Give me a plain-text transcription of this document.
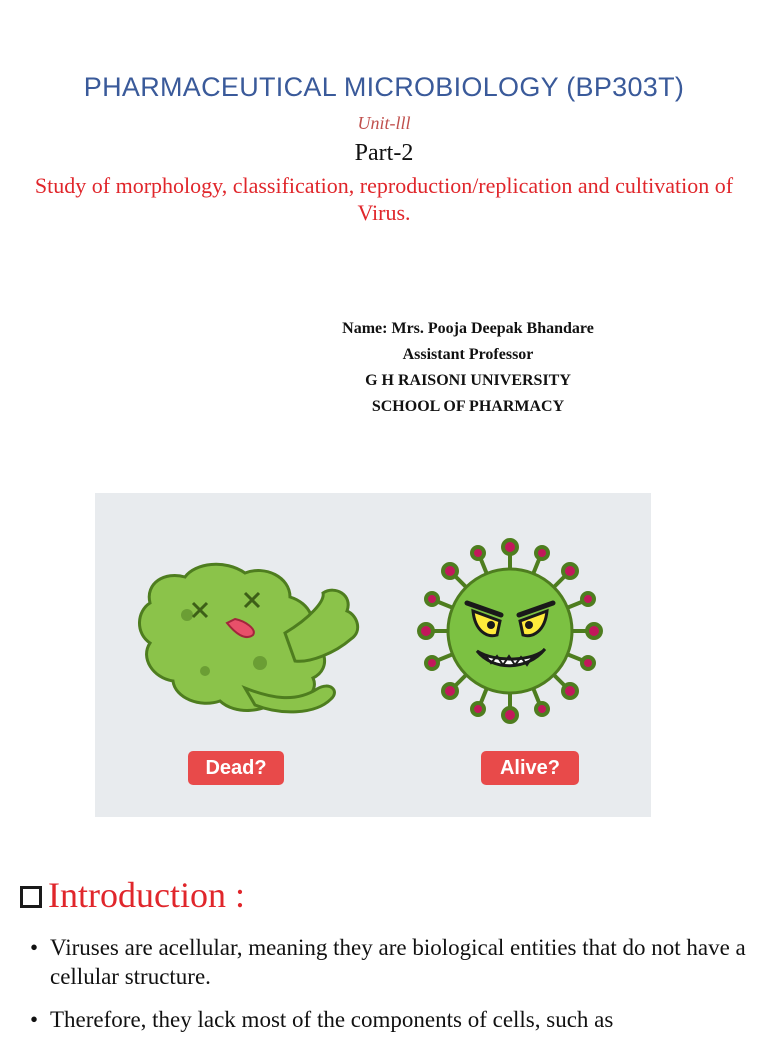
PHARMACEUTICAL MICROBIOLOGY (BP303T)
Unit-lll
Part-2
Study of morphology, classification, reproduction/replication and cultivation of Virus.
Name: Mrs. Pooja Deepak Bhandare
Assistant Professor
G H RAISONI UNIVERSITY
SCHOOL OF PHARMACY
Dead?	Alive?
Introduction :
• Viruses are acellular, meaning they are biological entities that do not have a cellular structure.
• Therefore, they lack most of the components of cells, such as
